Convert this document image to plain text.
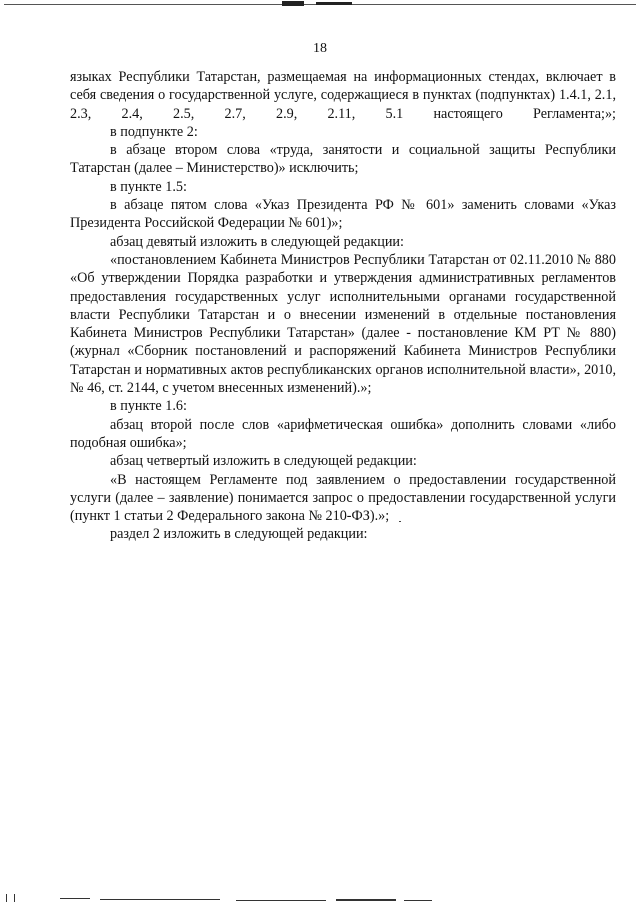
18

языках Республики Татарстан, размещаемая на информационных стендах, включает в себя сведения о государственной услуге, содержащиеся в пунктах (подпунктах) 1.4.1, 2.1, 2.3, 2.4, 2.5, 2.7, 2.9, 2.11, 5.1 настоящего Регламента;»;

в подпункте 2:

в абзаце втором слова «труда, занятости и социальной защиты Республики Татарстан (далее – Министерство)» исключить;

в пункте 1.5:

в абзаце пятом слова «Указ Президента РФ № 601» заменить словами «Указ Президента Российской Федерации № 601)»;

абзац девятый изложить в следующей редакции:

«постановлением Кабинета Министров Республики Татарстан от 02.11.2010 № 880 «Об утверждении Порядка разработки и утверждения административных регламентов предоставления государственных услуг исполнительными органами государственной власти Республики Татарстан и о внесении изменений в отдельные постановления Кабинета Министров Республики Татарстан» (далее - постановление КМ РТ № 880) (журнал «Сборник постановлений и распоряжений Кабинета Министров Республики Татарстан и нормативных актов республиканских органов исполнительной власти», 2010, № 46, ст. 2144, с учетом внесенных изменений).»;

в пункте 1.6:

абзац второй после слов «арифметическая ошибка» дополнить словами «либо подобная ошибка»;

абзац четвертый изложить в следующей редакции:

«В настоящем Регламенте под заявлением о предоставлении государственной услуги (далее – заявление) понимается запрос о предоставлении государственной услуги (пункт 1 статьи 2 Федерального закона № 210-ФЗ).»;

раздел 2 изложить в следующей редакции:
